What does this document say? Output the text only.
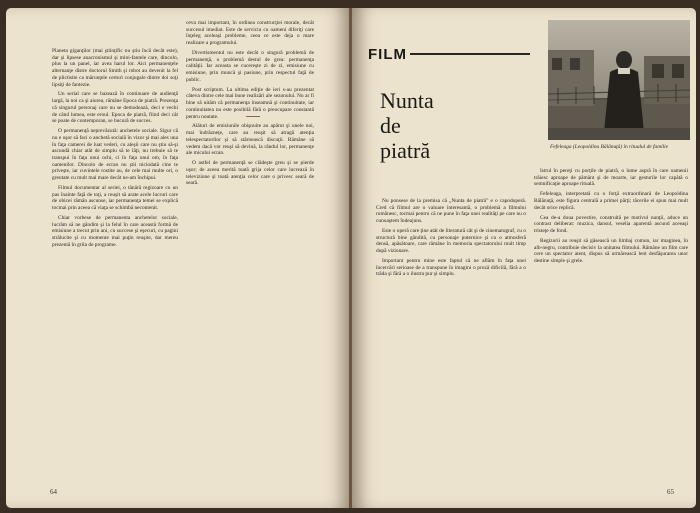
Planeta giganţilor (mai ştiinţific nu ştiu încă decât este), dar şi lipsese anacronismul şi mini-fantele care, dincolo, plus la un panel, iar avea harul lor. Aici permanenţele alternanţe distre doctorul Smith şi robot au devenit la fel de plictisite ca mărunţele certuri conjugale dintre doi soţi lipsiţi de fantezie.

Un serial care se bazează în continuare de audienţă largă, la noi ca şi aiurea, rămâne Epoca de piatră. Prezenţa câ singurul personaj care nu se demodează, deci e vechi de când lumea, este eroul. Epoca de piatră, fiind deci cât se poate de contemporan, se bucură de succes.

O permanenţă neprevăzută: anchetele sociale. Sigur că nu e uşor să faci o anchetă socială în vizor şi mai ales una în faţa camerei de luat vederi, cu aleşii care nu ştiu să-şi ascundă chiar atât de simplu să te lăţi, nu trebuie să te transpui în faţa unui ochi, ci în faţa unui om, în faţa oamenilor. Dincolo de ecran nu ştii niciodată cine te priveşte, iar cuvintele rostite au, de cele mai multe ori, o greutate cu mult mai mare decât ne-am închipui.

Filmul documentar al seriei, o tânără regizoare cu un pas înainte faţă de toţi, a reuşit să arate acele lucruri care de obicei rămân ascunse, iar permanenţa temei se explică tocmai prin aceea că viaţa se schimbă necontenit.

Chiar vorbese de permanenta anchetelor sociale, lucrăm să ne gândim şi la felul în care această formă de emisiune a trecut prin ani, cu succese şi eşecuri, cu pagini strălucite şi cu momente mai puţin reuşite, dar mereu prezentă în grila de programe.

ceva mai important, în ordinea construcţiei morale, decât succesul imediat. Este de serviciu cu oameni diferiţi care înţeleg aceleaşi probleme, ceea ce este deja o mare realizare a programului.

Divertismentul nu este decât o singură problemă de permanenţă, o problemă destul de grea: permanenţa calităţii. Iar aceasta se cucereşte zi de zi, emisiune cu emisiune, prin muncă şi pasiune, prin respectul faţă de public.

Post scriptum. La ultima ediţie de ieri s-au prezentat câteva dintre cele mai bune realizări ale sezonului. Nu ar fi bine să uităm că permanenţa înseamnă şi continuitate, iar continuitatea nu este posibilă fără o preocupare constantă pentru noutate.

Alături de emisiunile obişnuite au apărut şi unele noi, mai îndrăzneţe, care au reuşit să atragă atenţia telespectatorilor şi să stârnească discuţii. Rămâne să vedem dacă vor reuşi să devină, la rândul lor, permanenţe ale micului ecran.

O astfel de permanenţă se clădeşte greu şi se pierde uşor; de aceea merită toată grija celor care lucrează în televiziune şi toată atenţia celor care o privesc seară de seară.

64
FILM
Nunta
de
piatră	Fefeleaga (Leopoldina Bălănuţă) în ritualul de familie

Nu ponsese de la premisa că „Nunta de piatră” e o capodoperă. Cred că filmul are o valoare interesantă, o problemă a filmului românesc, tocmai pentru că ne pune în faţa unei realităţi pe care nu o cunoaştem îndeajuns.

Este o operă care ţine atât de literatură cât şi de cinematograf, cu o structură bine gândită, cu personaje puternice şi cu o atmosferă densă, apăsătoare, care rămâne în memoria spectatorului mult timp după vizionare.

Important pentru mine este faptul că ne aflăm în faţa unei încercări serioase de a transpune în imagini o proză dificilă, fără a o trăda şi fără a o ilustra pur şi simplu.

Istrul în pereţi cu porţile de piatră, o lume aspră în care oamenii trăiesc aproape de pământ şi de moarte, iar gesturile lor capătă o semnificaţie aproape rituală.

Fefeleaga, interpretată cu o forţă extraordinară de Leopoldina Bălănuţă, este figura centrală a primei părţi; tăcerile ei spun mai mult decât orice replică.

Cea de-a doua povestire, construită pe motivul nunţii, aduce un contrast deliberat: muzica, dansul, veselia aparentă ascund aceeaşi tristeţe de fond.

Regizorii au reuşit să găsească un limbaj comun, iar imaginea, în alb-negru, contribuie decisiv la unitatea filmului. Rămâne un film care cere un spectator atent, dispus să urmărească lent desfăşurarea unor destine simple şi grele.

65
